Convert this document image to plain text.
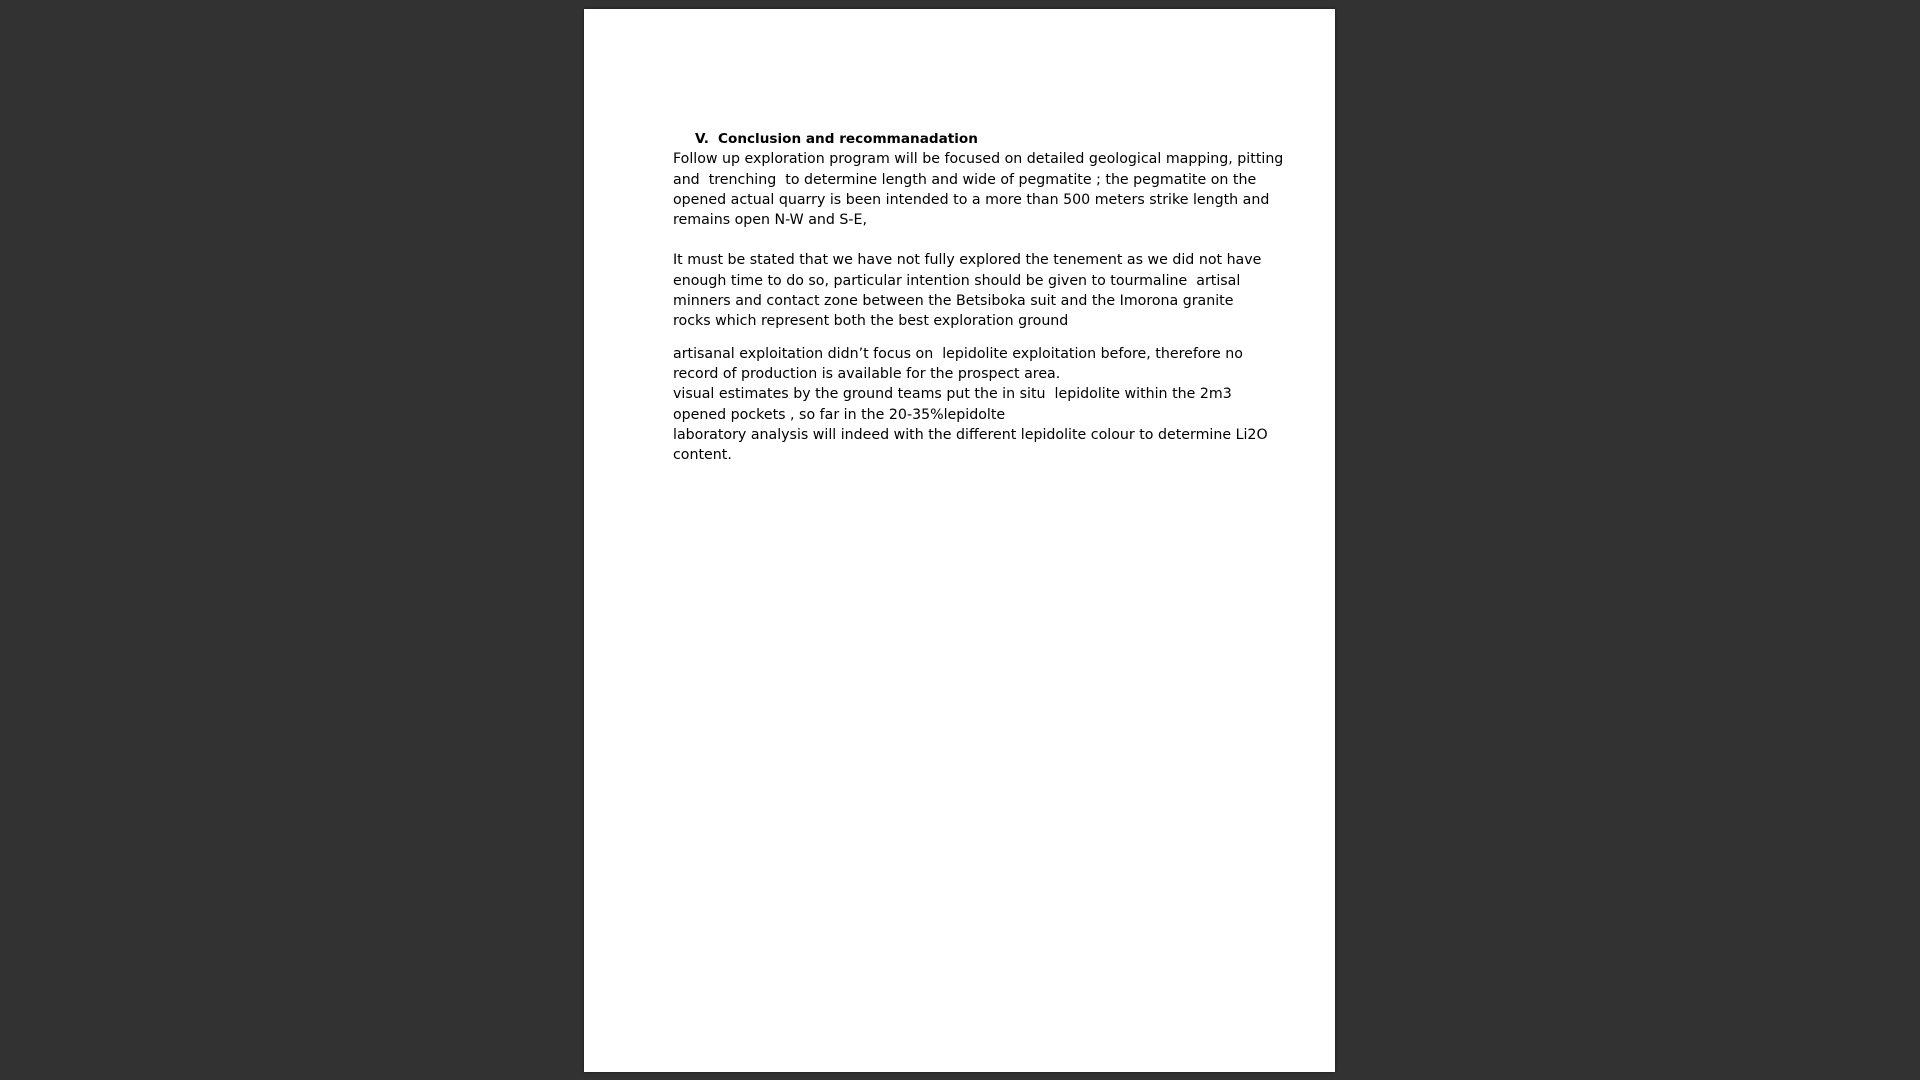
V. Conclusion and recommanadation

Follow up exploration program will be focused on detailed geological mapping, pitting
and  trenching  to determine length and wide of pegmatite ; the pegmatite on the
opened actual quarry is been intended to a more than 500 meters strike length and
remains open N-W and S-E,

It must be stated that we have not fully explored the tenement as we did not have
enough time to do so, particular intention should be given to tourmaline  artisal
minners and contact zone between the Betsiboka suit and the Imorona granite
rocks which represent both the best exploration ground

artisanal exploitation didn’t focus on  lepidolite exploitation before, therefore no
record of production is available for the prospect area.
visual estimates by the ground teams put the in situ  lepidolite within the 2m3
opened pockets , so far in the 20-35%lepidolte
laboratory analysis will indeed with the different lepidolite colour to determine Li2O
content.
